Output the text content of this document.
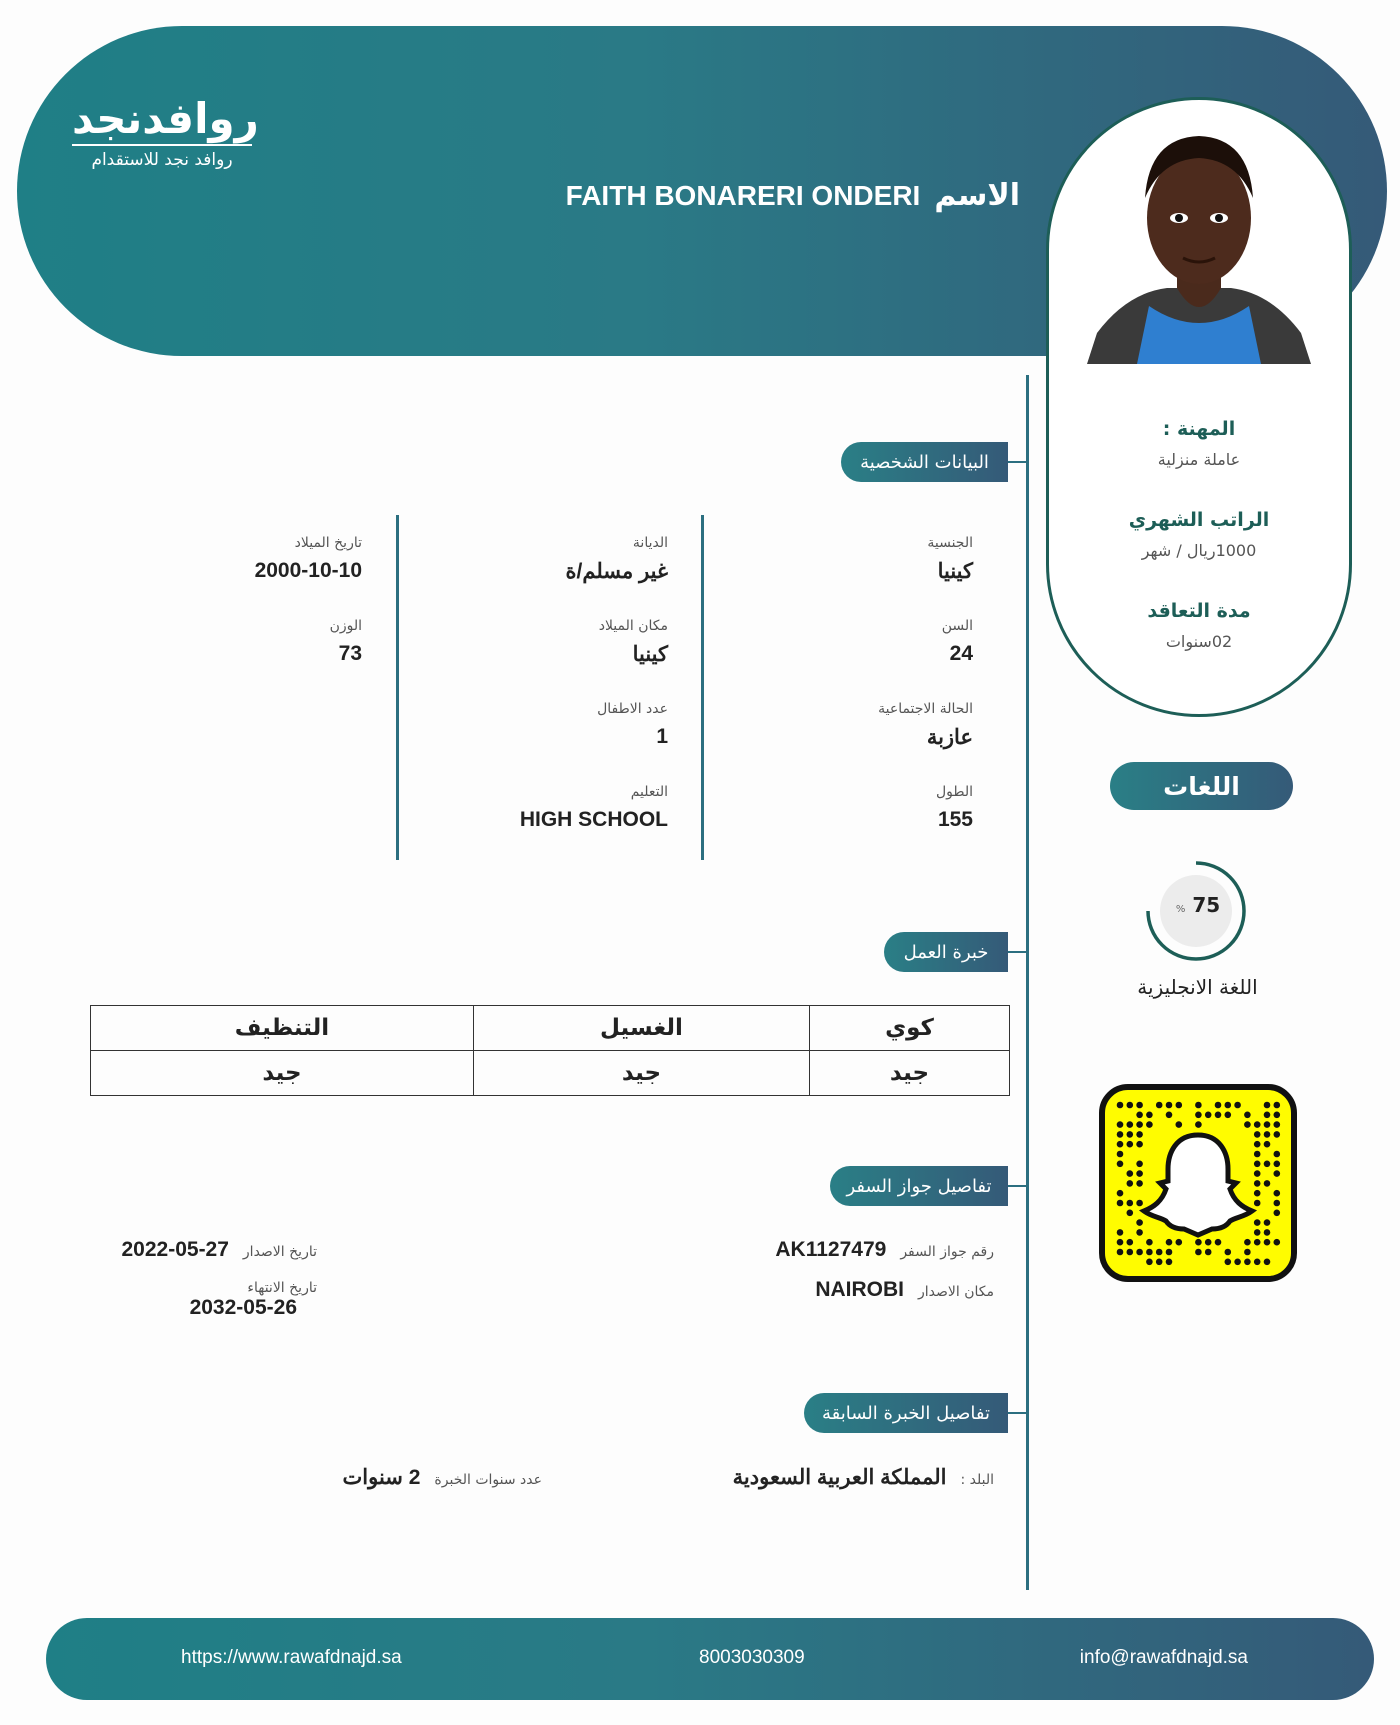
روافدنجد
روافد نجد للاستقدام
الاسم
FAITH BONARERI ONDERI
المهنة :
عاملة منزلية
الراتب الشهري
1000ريال / شهر
مدة التعاقد
02سنوات
البيانات الشخصية
الجنسية
كينيا
السن
24
الحالة الاجتماعية
عازبة
الطول
155
الديانة
غير مسلم/ة
مكان الميلاد
كينيا
عدد الاطفال
1
التعليم
HIGH SCHOOL
تاريخ الميلاد
2000-10-10
الوزن
73
خبرة العمل
كوي	الغسيل	التنظيف
جيد	جيد	جيد
تفاصيل جواز السفر
رقم جواز السفر
AK1127479
مكان الاصدار
NAIROBI
تاريخ الاصدار
2022-05-27
تاريخ الانتهاء
2032-05-26
تفاصيل الخبرة السابقة
البلد :
المملكة العربية السعودية
عدد سنوات الخبرة
2 سنوات
اللغات
% 75
اللغة الانجليزية
https://www.rawafdnajd.sa	8003030309	info@rawafdnajd.sa
